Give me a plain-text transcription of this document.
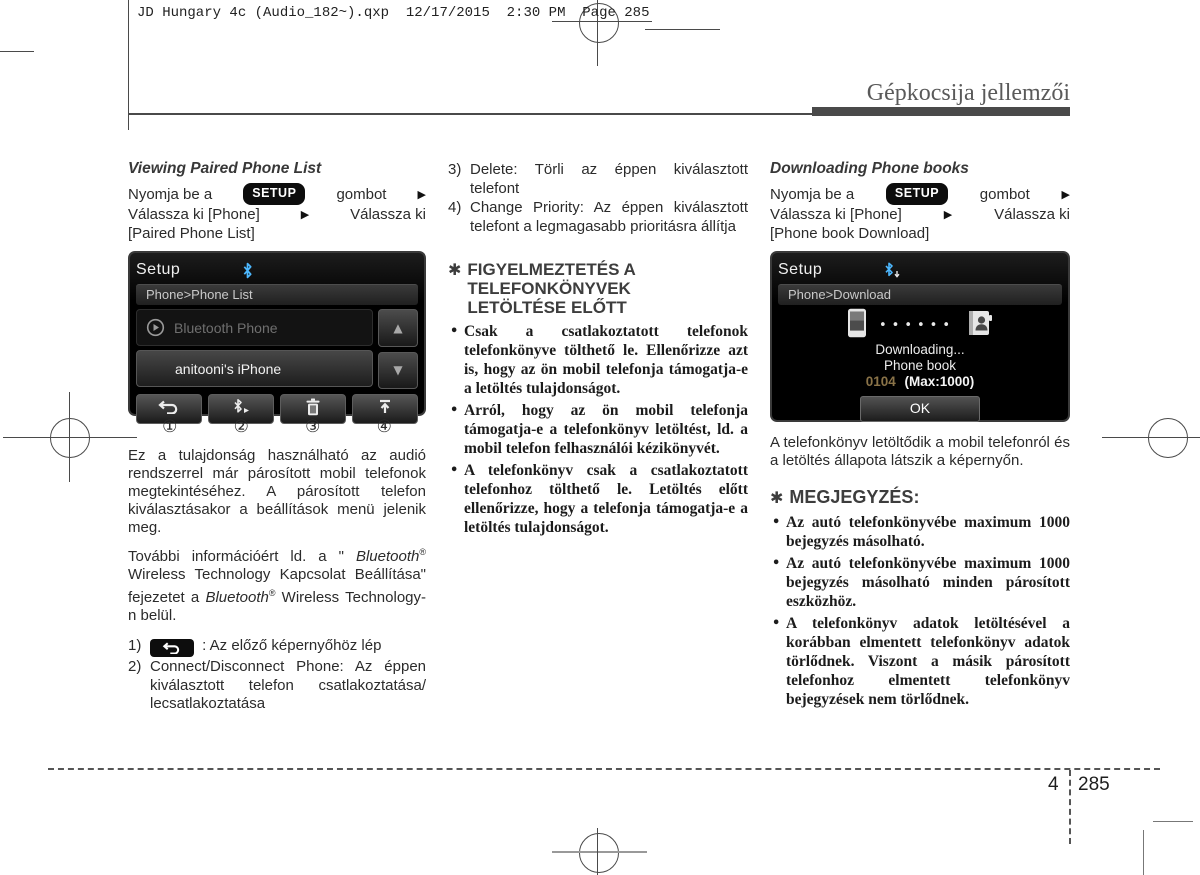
JD Hungary 4c (Audio_182~).qxp  12/17/2015  2:30 PM  Page 285
Gépkocsija jellemzői
Viewing Paired Phone List
Nyomja be a	SETUP	gombot	▶
Válassza ki [Phone]	▶	Válassza ki
[Paired Phone List]
Setup
Phone>Phone List
Bluetooth Phone
anitooni's iPhone
▲
▼
①	②	③	④
Ez a tulajdonság használható az audió rendszerrel már párosított mobil telefonok megtekintéséhez. A párosított telefon kiválasztásakor a beállítások menü jelenik meg.
További információért ld. a " Bluetooth® Wireless Technology Kapcsolat Beállítása" fejezetet a Bluetooth® Wireless Technology-n belül.
1)	: Az előző képernyőhöz lép
2) Connect/Disconnect Phone: Az éppen kiválasztott telefon csatlakoztatása/ lecsatlakoztatása
3) Delete: Törli az éppen kiválasztott telefont
4) Change Priority: Az éppen kiválasztott telefont a legmagasabb prioritásra állítja
✱ FIGYELMEZTETÉS A TELEFONKÖNYVEK LETÖLTÉSE ELŐTT
• Csak a csatlakoztatott telefonok telefonkönyve tölthető le. Ellenőrizze azt is, hogy az ön mobil telefonja támogatja-e a letöltés tulajdonságot.
• Arról, hogy az ön mobil telefonja támogatja-e a telefonkönyv letöltést, ld. a mobil telefon felhasználói kézikönyvét.
• A telefonkönyv csak a csatlakoztatott telefonhoz tölthető le. Letöltés előtt ellenőrizze, hogy a telefonja támogatja-e a letöltés tulajdonságot.
Downloading Phone books
Nyomja be a	SETUP	gombot	▶
Válassza ki [Phone]	▶	Válassza ki
[Phone book Download]
Setup
Phone>Download
••••••
Downloading...
Phone book
0104 (Max:1000)
OK
A telefonkönyv letöltődik a mobil telefonról és a letöltés állapota látszik a képernyőn.
✱ MEGJEGYZÉS:
• Az autó telefonkönyvébe maximum 1000 bejegyzés másolható.
• Az autó telefonkönyvébe maximum 1000 bejegyzés másolható minden párosított eszközhöz.
• A telefonkönyv adatok letöltésével a korábban elmentett telefonkönyv adatok törlődnek. Viszont a másik párosított telefonhoz elmentett telefonkönyv bejegyzések nem törlődnek.
4 285
